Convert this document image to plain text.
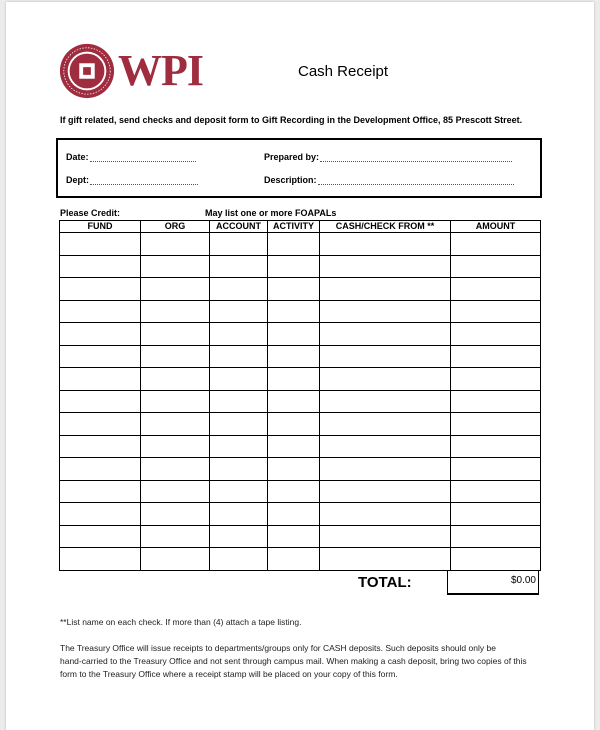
WPI	Cash Receipt
If gift related, send checks and deposit form to Gift Recording in the Development Office, 85 Prescott Street.
Date:	Prepared by:
Dept:	Description:
Please Credit:	May list one or more FOAPALs
FUND	ORG	ACCOUNT	ACTIVITY	CASH/CHECK FROM **	AMOUNT

TOTAL:	$0.00
**List name on each check. If more than (4) attach a tape listing.
The Treasury Office will issue receipts to departments/groups only for CASH deposits. Such deposits should only be
hand-carried to the Treasury Office and not sent through campus mail. When making a cash deposit, bring two copies of this
form to the Treasury Office where a receipt stamp will be placed on your copy of this form.
